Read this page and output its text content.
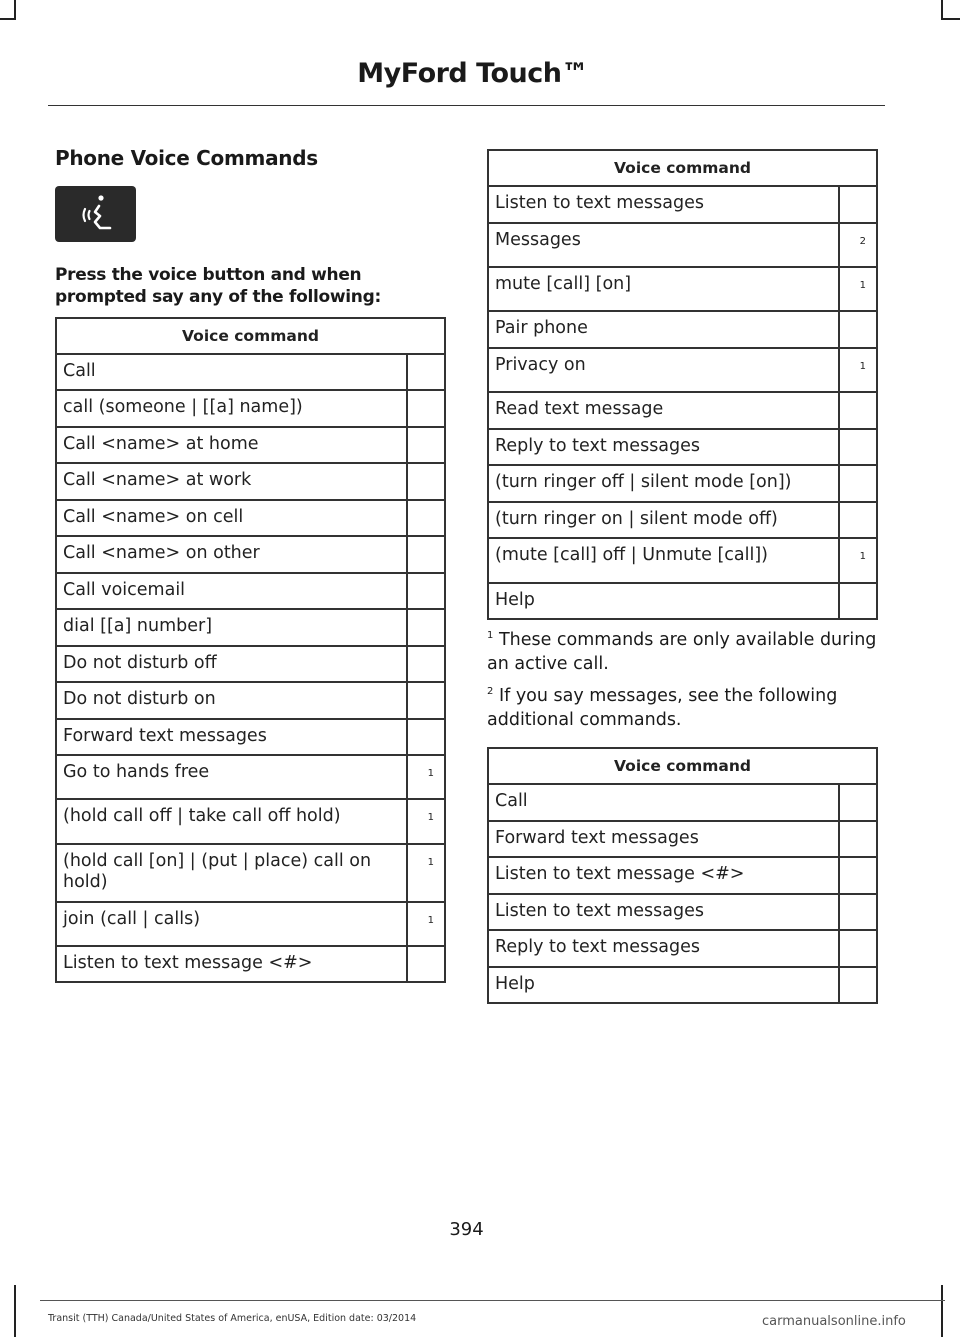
MyFord Touch™
Phone Voice Commands

Press the voice button and when prompted say any of the following:

Voice command	
Call	
call (someone | [[a] name])	
Call <name> at home	
Call <name> at work	
Call <name> on cell	
Call <name> on other	
Call voicemail	
dial [[a] number]	
Do not disturb off	
Do not disturb on	
Forward text messages	
Go to hands free	1
(hold call off | take call off hold)	1
(hold call [on] | (put | place) call on hold)	1
join (call | calls)	1
Listen to text message <#>	
Voice command	
Listen to text messages	
Messages	2
mute [call] [on]	1
Pair phone	
Privacy on	1
Read text message	
Reply to text messages	
(turn ringer off | silent mode [on])	
(turn ringer on | silent mode off)	
(mute [call] off | Unmute [call])	1
Help	

$^1$ These commands are only available during an active call.

$^2$ If you say messages, see the following additional commands.

Voice command	
Call	
Forward text messages	
Listen to text message <#>	
Listen to text messages	
Reply to text messages	
Help	
394
Transit (TTH) Canada/United States of America, enUSA, Edition date: 03/2014	carmanualsonline.info
